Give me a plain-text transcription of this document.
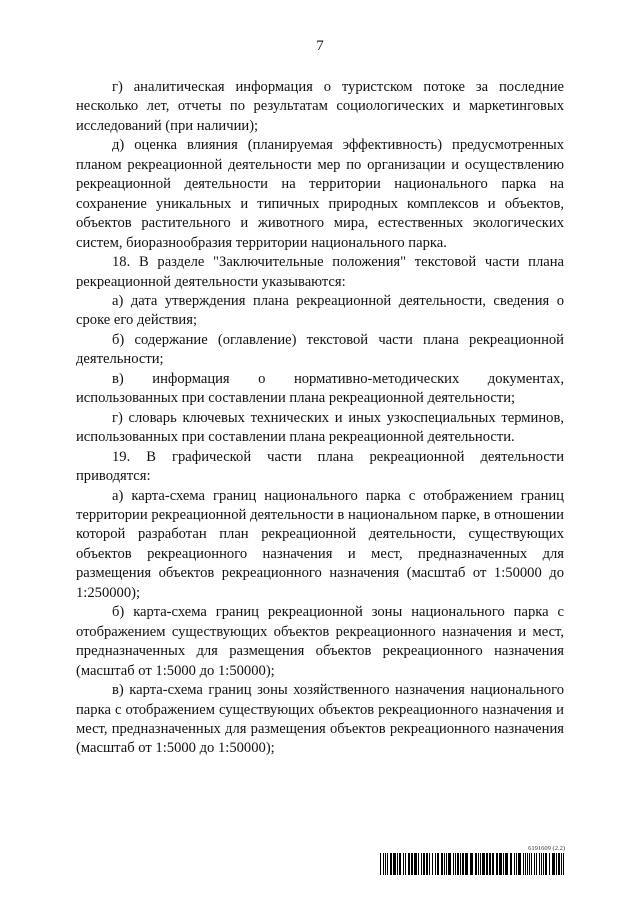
7

г) аналитическая информация о туристском потоке за последние несколько лет, отчеты по результатам социологических и маркетинговых исследований (при наличии);

д) оценка влияния (планируемая эффективность) предусмотренных планом рекреационной деятельности мер по организации и осуществлению рекреационной деятельности на территории национального парка на сохранение уникальных и типичных природных комплексов и объектов, объектов растительного и животного мира, естественных экологических систем, биоразнообразия территории национального парка.

18. В разделе "Заключительные положения" текстовой части плана рекреационной деятельности указываются:

а) дата утверждения плана рекреационной деятельности, сведения о сроке его действия;

б) содержание (оглавление) текстовой части плана рекреационной деятельности;

в) информация о нормативно-методических документах, использованных при составлении плана рекреационной деятельности;

г) словарь ключевых технических и иных узкоспециальных терминов, использованных при составлении плана рекреационной деятельности.

19. В графической части плана рекреационной деятельности приводятся:

а) карта-схема границ национального парка с отображением границ территории рекреационной деятельности в национальном парке, в отношении которой разработан план рекреационной деятельности, существующих объектов рекреационного назначения и мест, предназначенных для размещения объектов рекреационного назначения (масштаб от 1:50000 до 1:250000);

б) карта-схема границ рекреационной зоны национального парка с отображением существующих объектов рекреационного назначения и мест, предназначенных для размещения объектов рекреационного назначения (масштаб от 1:5000 до 1:50000);

в) карта-схема границ зоны хозяйственного назначения национального парка с отображением существующих объектов рекреационного назначения и мест, предназначенных для размещения объектов рекреационного назначения (масштаб от 1:5000 до 1:50000);

6191609 (2.2)
